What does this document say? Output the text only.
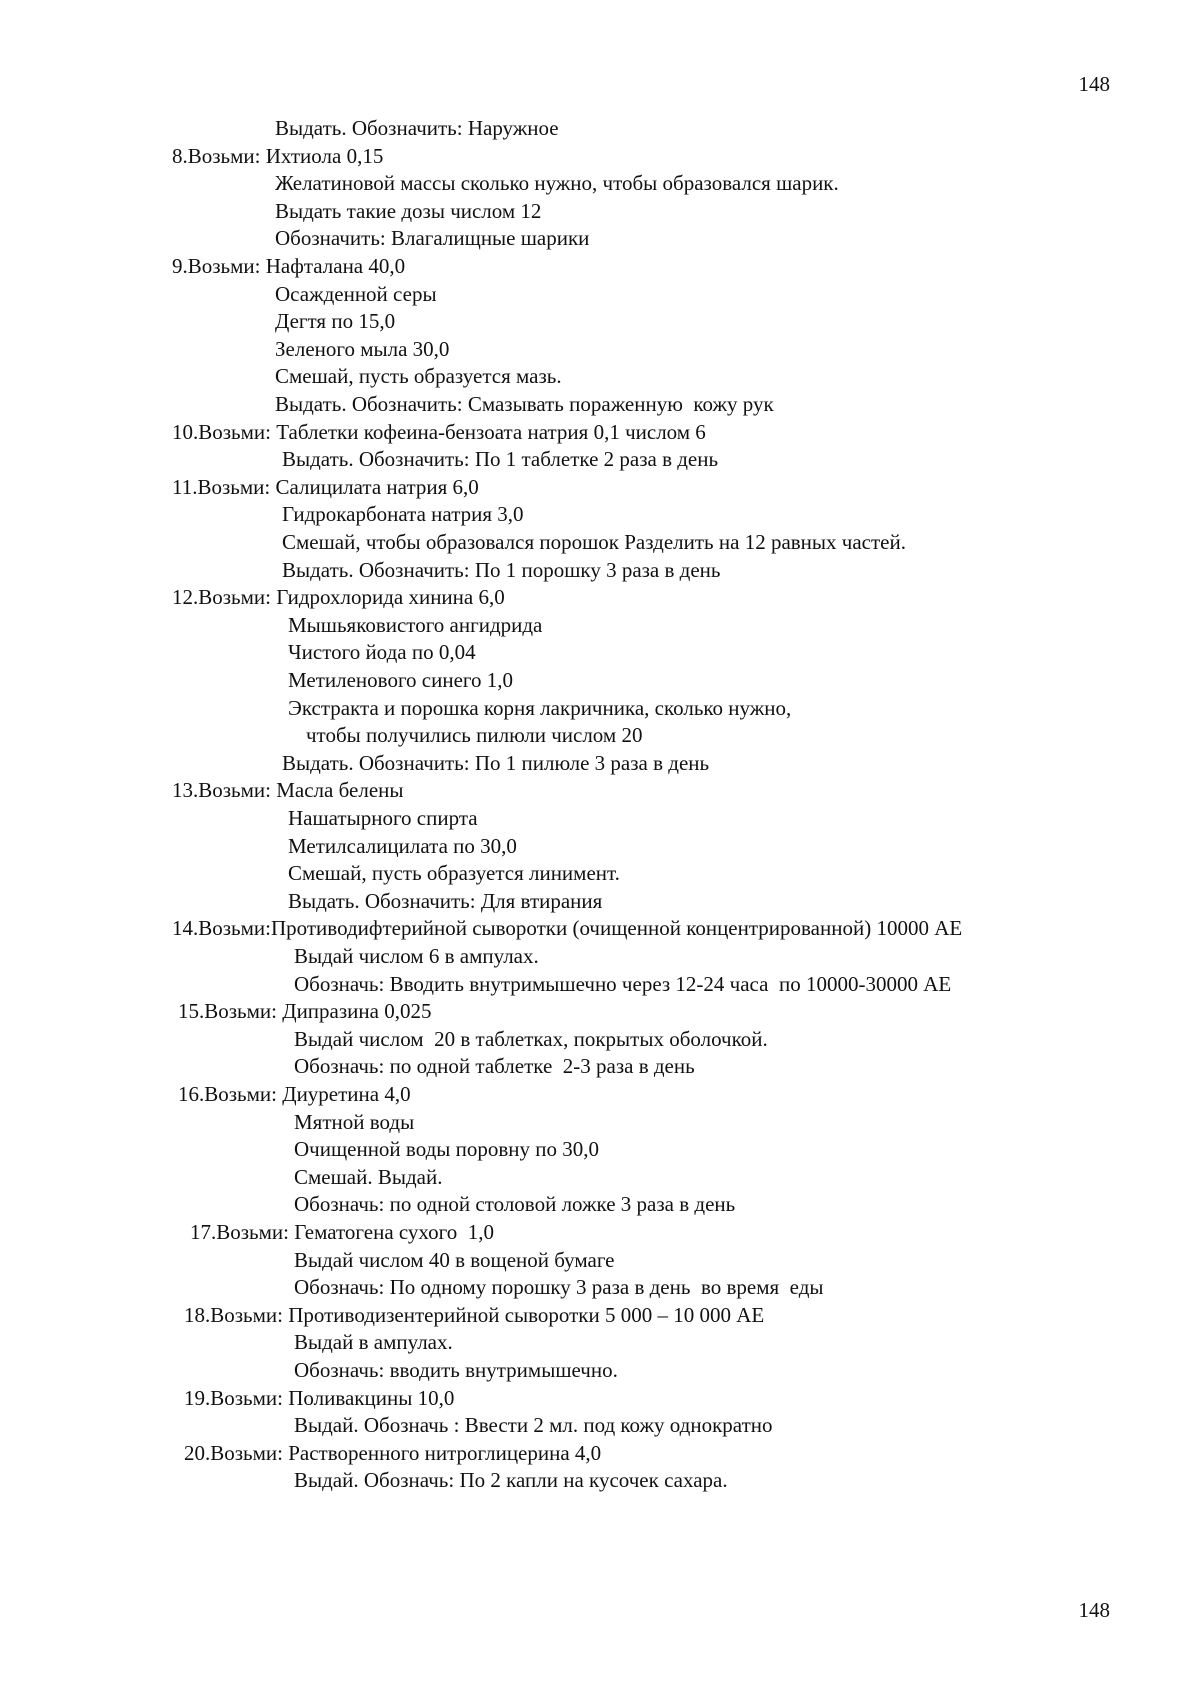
148
Выдать. Обозначить: Наружное
8.Возьми: Ихтиола 0,15
Желатиновой массы сколько нужно, чтобы образовался шарик.
Выдать такие дозы числом 12
Обозначить: Влагалищные шарики
9.Возьми: Нафталана 40,0
Осажденной серы
Дегтя по 15,0
Зеленого мыла 30,0
Смешай, пусть образуется мазь.
Выдать. Обозначить: Смазывать пораженную  кожу рук
10.Возьми: Таблетки кофеина-бензоата натрия 0,1 числом 6
Выдать. Обозначить: По 1 таблетке 2 раза в день
11.Возьми: Салицилата натрия 6,0
Гидрокарбоната натрия 3,0
Смешай, чтобы образовался порошок Разделить на 12 равных частей.
Выдать. Обозначить: По 1 порошку 3 раза в день
12.Возьми: Гидрохлорида хинина 6,0
Мышьяковистого ангидрида
Чистого йода по 0,04
Метиленового синего 1,0
Экстракта и порошка корня лакричника, сколько нужно,
чтобы получились пилюли числом 20
Выдать. Обозначить: По 1 пилюле 3 раза в день
13.Возьми: Масла белены
Нашатырного спирта
Метилсалицилата по 30,0
Смешай, пусть образуется линимент.
Выдать. Обозначить: Для втирания
14.Возьми:Противодифтерийной сыворотки (очищенной концентрированной) 10000 АЕ
Выдай числом 6 в ампулах.
Обозначь: Вводить внутримышечно через 12-24 часа  по 10000-30000 АЕ
15.Возьми: Дипразина 0,025
Выдай числом  20 в таблетках, покрытых оболочкой.
Обозначь: по одной таблетке  2-3 раза в день
16.Возьми: Диуретина 4,0
Мятной воды
Очищенной воды поровну по 30,0
Смешай. Выдай.
Обозначь: по одной столовой ложке 3 раза в день
17.Возьми: Гематогена сухого  1,0
Выдай числом 40 в вощеной бумаге
Обозначь: По одному порошку 3 раза в день  во время  еды
18.Возьми: Противодизентерийной сыворотки 5 000 – 10 000 АЕ
Выдай в ампулах.
Обозначь: вводить внутримышечно.
19.Возьми: Поливакцины 10,0
Выдай. Обозначь : Ввести 2 мл. под кожу однократно
20.Возьми: Растворенного нитроглицерина 4,0
Выдай. Обозначь: По 2 капли на кусочек сахара.
148
